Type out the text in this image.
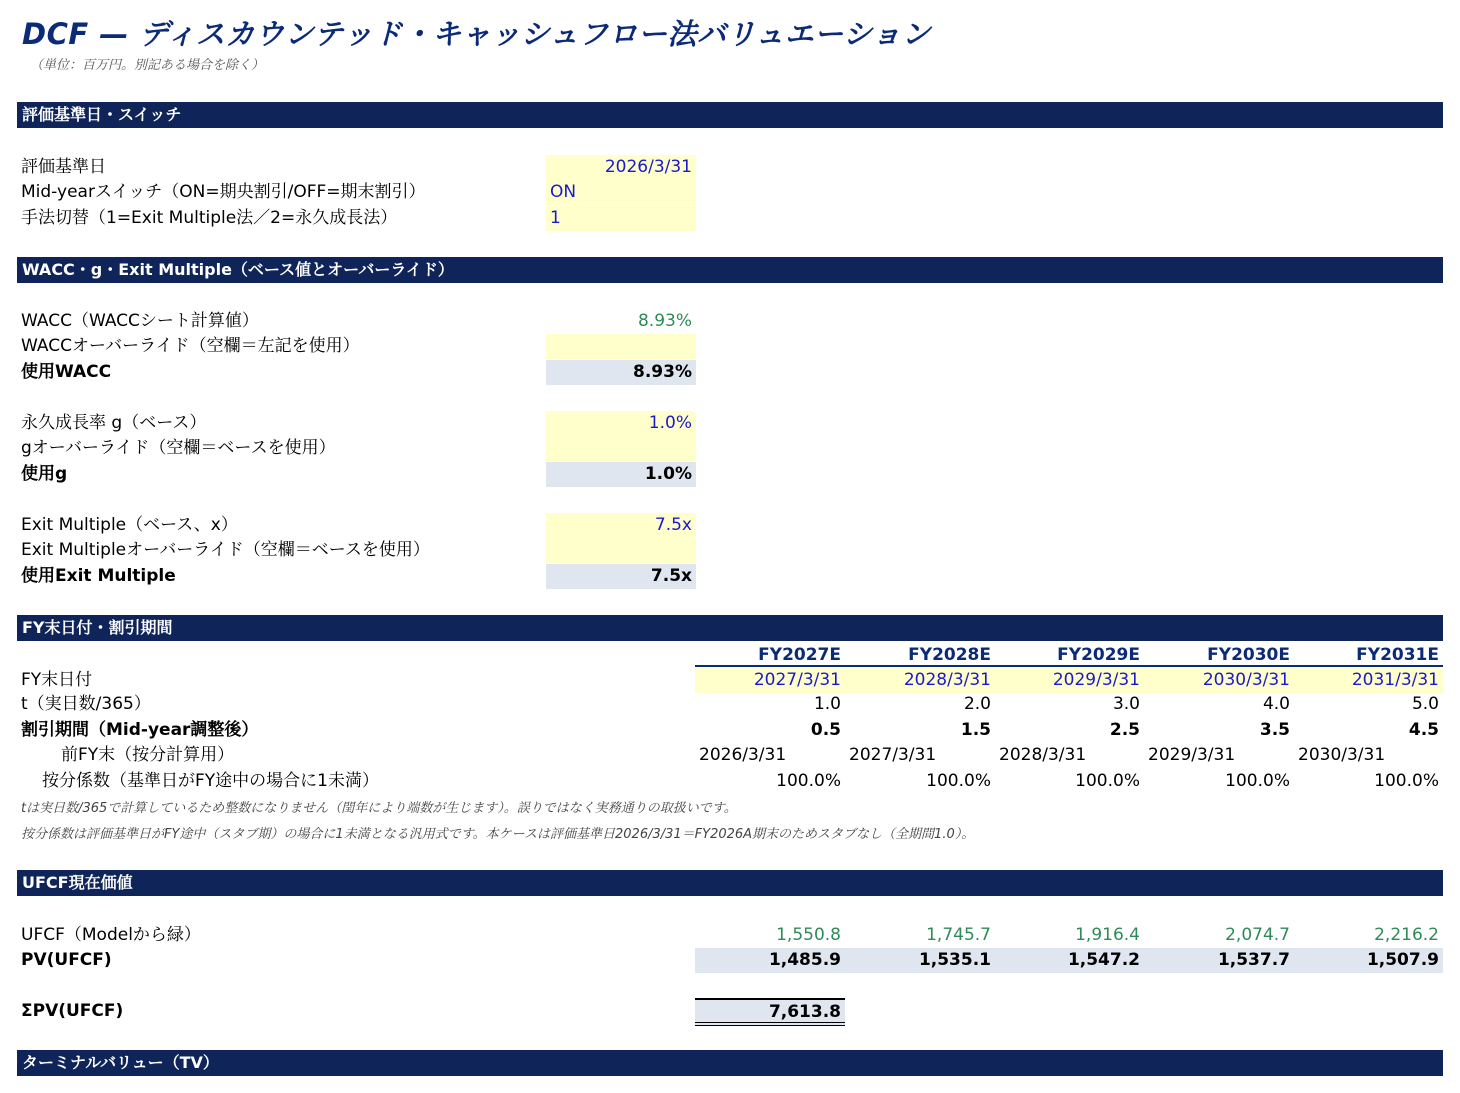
DCF — ディスカウンテッド・キャッシュフロー法バリュエーション
（単位：百万円。別記ある場合を除く）
評価基準日・スイッチ
評価基準日	2026/3/31
Mid-yearスイッチ（ON=期央割引/OFF=期末割引）	ON
手法切替（1=Exit Multiple法／2=永久成長法）	1
WACC・g・Exit Multiple（ベース値とオーバーライド）
WACC（WACCシート計算値）	8.93%
WACCオーバーライド（空欄＝左記を使用）
使用WACC	8.93%
永久成長率 g（ベース）	1.0%
gオーバーライド（空欄＝ベースを使用）
使用g	1.0%
Exit Multiple（ベース、x）	7.5x
Exit Multipleオーバーライド（空欄＝ベースを使用）
使用Exit Multiple	7.5x
FY末日付・割引期間
FY2027E	FY2028E	FY2029E	FY2030E	FY2031E
FY末日付	2027/3/31	2028/3/31	2029/3/31	2030/3/31	2031/3/31
t（実日数/365）	1.0	2.0	3.0	4.0	5.0
割引期間（Mid-year調整後）	0.5	1.5	2.5	3.5	4.5
前FY末（按分計算用）	2026/3/31	2027/3/31	2028/3/31	2029/3/31	2030/3/31
按分係数（基準日がFY途中の場合に1未満）	100.0%	100.0%	100.0%	100.0%	100.0%
tは実日数/365で計算しているため整数になりません（閏年により端数が生じます）。誤りではなく実務通りの取扱いです。
按分係数は評価基準日がFY途中（スタブ期）の場合に1未満となる汎用式です。本ケースは評価基準日2026/3/31＝FY2026A期末のためスタブなし（全期間1.0）。
UFCF現在価値
UFCF（Modelから緑）	1,550.8	1,745.7	1,916.4	2,074.7	2,216.2
PV(UFCF)	1,485.9	1,535.1	1,547.2	1,537.7	1,507.9
ΣPV(UFCF)	7,613.8
ターミナルバリュー（TV）
